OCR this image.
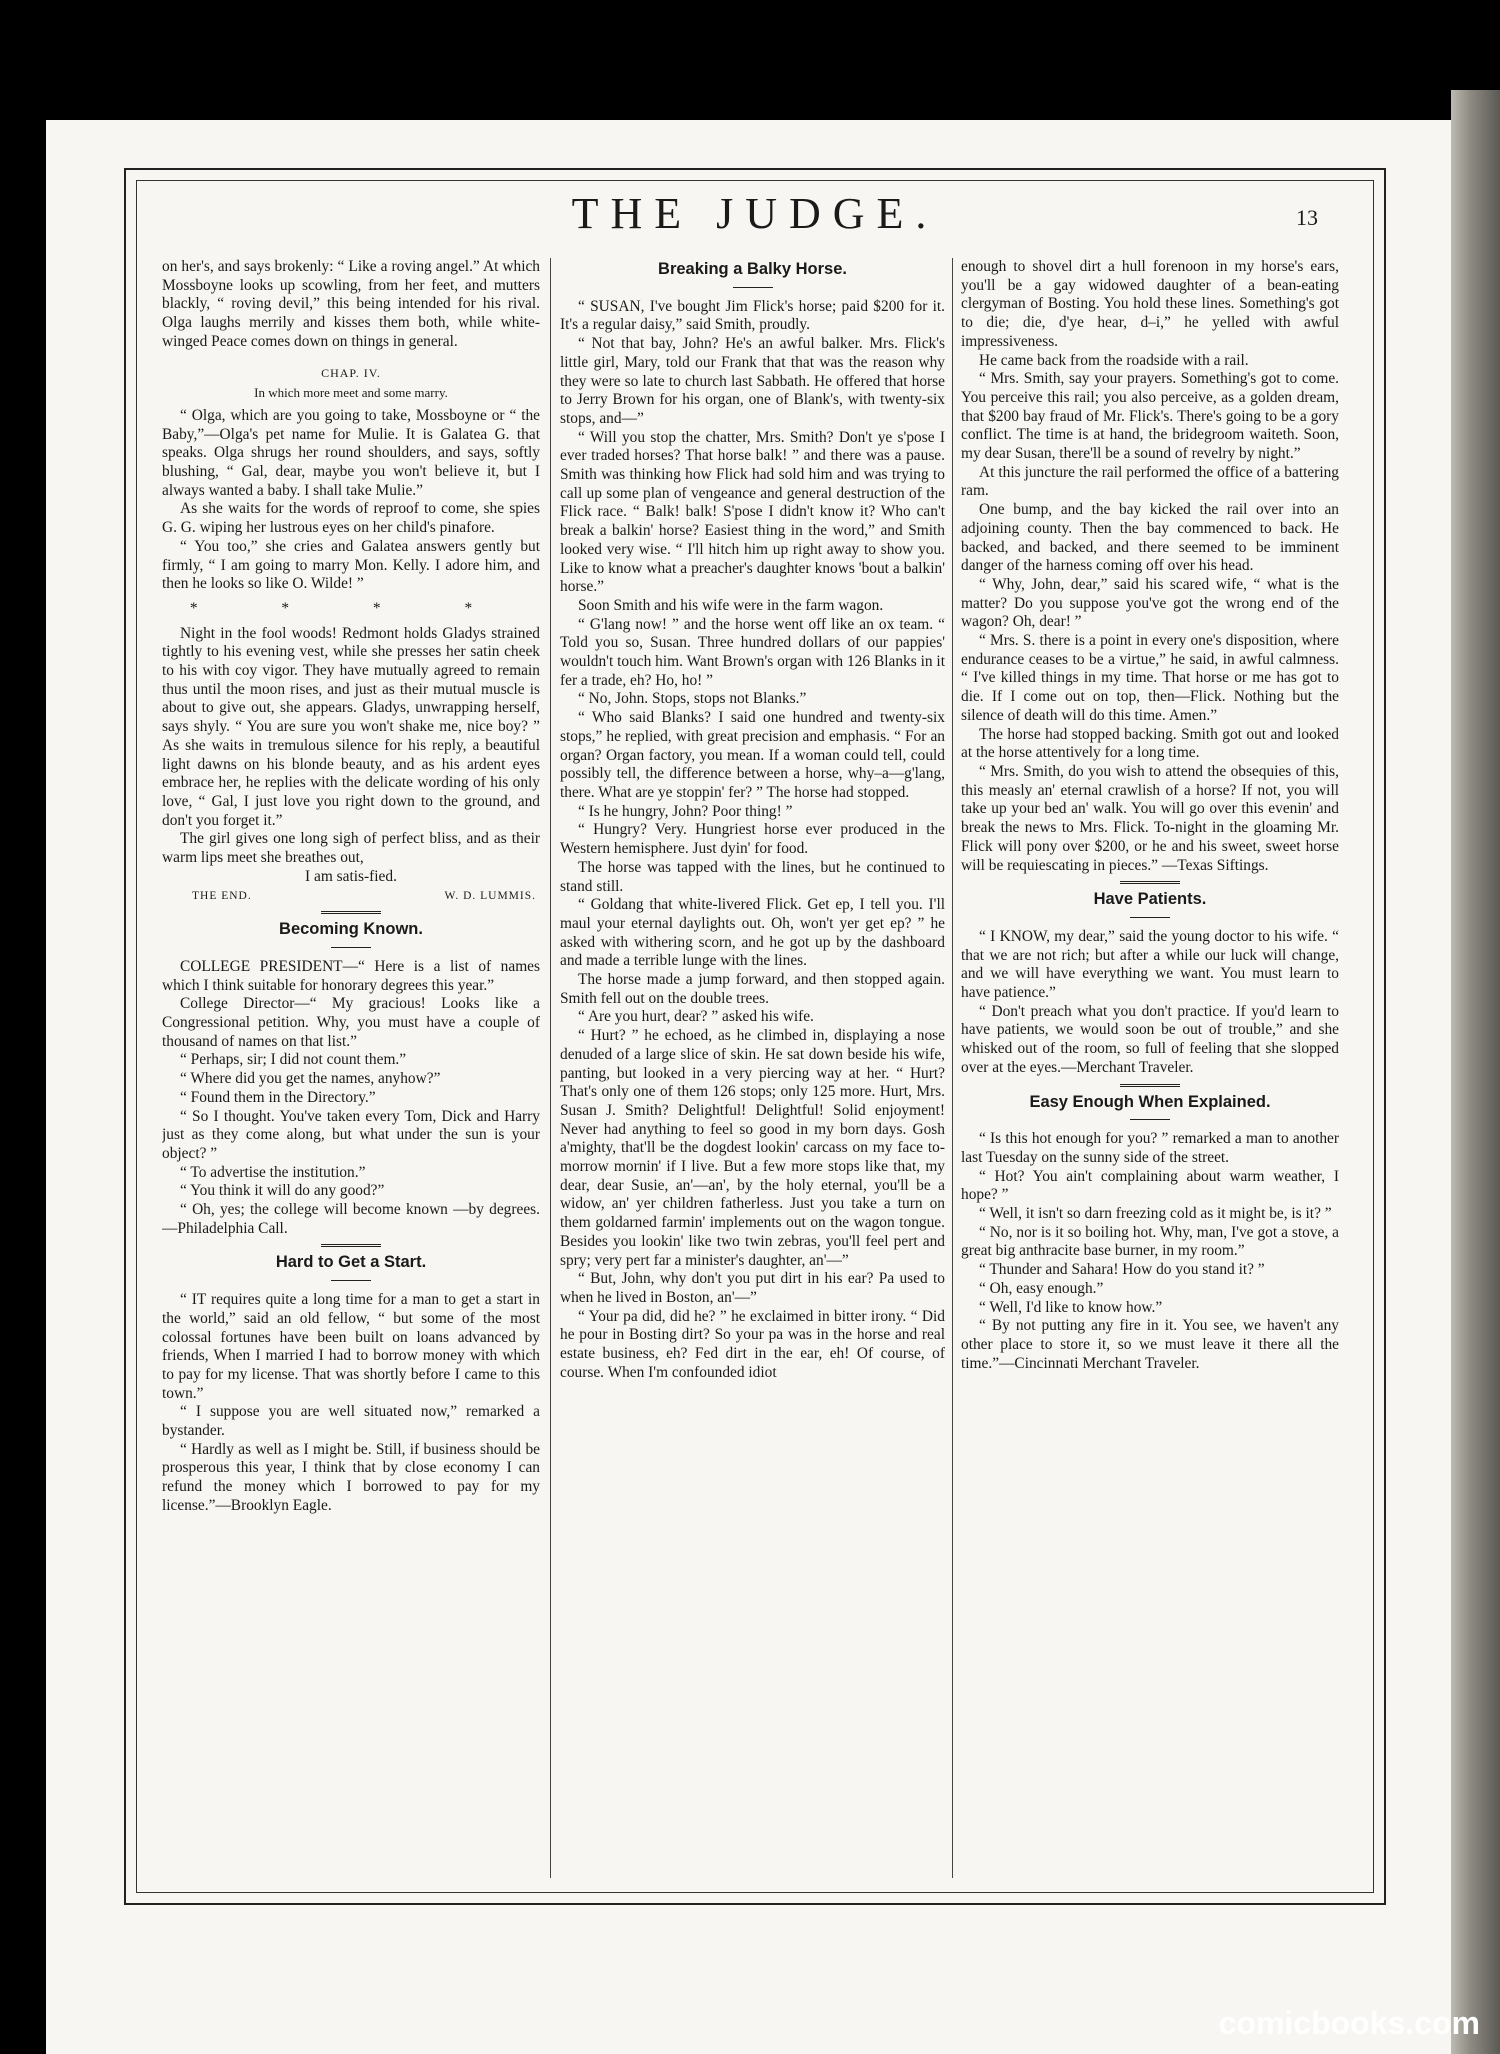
THE JUDGE.	13

on her's, and says brokenly: “ Like a roving angel.” At which Mossboyne looks up scowling, from her feet, and mutters blackly, “ roving devil,” this being intended for his rival. Olga laughs merrily and kisses them both, while white-winged Peace comes down on things in general.

CHAP. IV.
In which more meet and some marry.

“ Olga, which are you going to take, Mossboyne or “ the Baby,”—Olga's pet name for Mulie. It is Galatea G. that speaks. Olga shrugs her round shoulders, and says, softly blushing, “ Gal, dear, maybe you won't believe it, but I always wanted a baby. I shall take Mulie.”

As she waits for the words of reproof to come, she spies G. G. wiping her lustrous eyes on her child's pinafore.

“ You too,” she cries and Galatea answers gently but firmly, “ I am going to marry Mon. Kelly. I adore him, and then he looks so like O. Wilde! ”

* * * *

Night in the fool woods! Redmont holds Gladys strained tightly to his evening vest, while she presses her satin cheek to his with coy vigor. They have mutually agreed to remain thus until the moon rises, and just as their mutual muscle is about to give out, she appears. Gladys, unwrapping herself, says shyly. “ You are sure you won't shake me, nice boy? ” As she waits in tremulous silence for his reply, a beautiful light dawns on his blonde beauty, and as his ardent eyes embrace her, he replies with the delicate wording of his only love, “ Gal, I just love you right down to the ground, and don't you forget it.”

The girl gives one long sigh of perfect bliss, and as their warm lips meet she breathes out,

I am satis-fied.

THE END.	W. D. LUMMIS.
Becoming Known.

COLLEGE PRESIDENT—“ Here is a list of names which I think suitable for honorary degrees this year.”

College Director—“ My gracious! Looks like a Congressional petition. Why, you must have a couple of thousand of names on that list.”

“ Perhaps, sir; I did not count them.”

“ Where did you get the names, anyhow?”

“ Found them in the Directory.”

“ So I thought. You've taken every Tom, Dick and Harry just as they come along, but what under the sun is your object? ”

“ To advertise the institution.”

“ You think it will do any good?”

“ Oh, yes; the college will become known —by degrees.—Philadelphia Call.

Hard to Get a Start.

“ IT requires quite a long time for a man to get a start in the world,” said an old fellow, “ but some of the most colossal fortunes have been built on loans advanced by friends, When I married I had to borrow money with which to pay for my license. That was shortly before I came to this town.”

“ I suppose you are well situated now,” remarked a bystander.

“ Hardly as well as I might be. Still, if business should be prosperous this year, I think that by close economy I can refund the money which I borrowed to pay for my license.”—Brooklyn Eagle.

Breaking a Balky Horse.

“ SUSAN, I've bought Jim Flick's horse; paid $200 for it. It's a regular daisy,” said Smith, proudly.

“ Not that bay, John? He's an awful balker. Mrs. Flick's little girl, Mary, told our Frank that that was the reason why they were so late to church last Sabbath. He offered that horse to Jerry Brown for his organ, one of Blank's, with twenty-six stops, and—”

“ Will you stop the chatter, Mrs. Smith? Don't ye s'pose I ever traded horses? That horse balk! ” and there was a pause. Smith was thinking how Flick had sold him and was trying to call up some plan of vengeance and general destruction of the Flick race. “ Balk! balk! S'pose I didn't know it? Who can't break a balkin' horse? Easiest thing in the word,” and Smith looked very wise. “ I'll hitch him up right away to show you. Like to know what a preacher's daughter knows 'bout a balkin' horse.”

Soon Smith and his wife were in the farm wagon.

“ G'lang now! ” and the horse went off like an ox team. “ Told you so, Susan. Three hundred dollars of our pappies' wouldn't touch him. Want Brown's organ with 126 Blanks in it fer a trade, eh? Ho, ho! ”

“ No, John. Stops, stops not Blanks.”

“ Who said Blanks? I said one hundred and twenty-six stops,” he replied, with great precision and emphasis. “ For an organ? Organ factory, you mean. If a woman could tell, could possibly tell, the difference between a horse, why–a—g'lang, there. What are ye stoppin' fer? ” The horse had stopped.

“ Is he hungry, John? Poor thing! ”

“ Hungry? Very. Hungriest horse ever produced in the Western hemisphere. Just dyin' for food.

The horse was tapped with the lines, but he continued to stand still.

“ Goldang that white-livered Flick. Get ep, I tell you. I'll maul your eternal daylights out. Oh, won't yer get ep? ” he asked with withering scorn, and he got up by the dashboard and made a terrible lunge with the lines.

The horse made a jump forward, and then stopped again. Smith fell out on the double trees.

“ Are you hurt, dear? ” asked his wife.

“ Hurt? ” he echoed, as he climbed in, displaying a nose denuded of a large slice of skin. He sat down beside his wife, panting, but looked in a very piercing way at her. “ Hurt? That's only one of them 126 stops; only 125 more. Hurt, Mrs. Susan J. Smith? Delightful! Delightful! Solid enjoyment! Never had anything to feel so good in my born days. Gosh a'mighty, that'll be the dogdest lookin' carcass on my face to-morrow mornin' if I live. But a few more stops like that, my dear, dear Susie, an'—an', by the holy eternal, you'll be a widow, an' yer children fatherless. Just you take a turn on them goldarned farmin' implements out on the wagon tongue. Besides you lookin' like two twin zebras, you'll feel pert and spry; very pert far a minister's daughter, an'—”

“ But, John, why don't you put dirt in his ear? Pa used to when he lived in Boston, an'—”

“ Your pa did, did he? ” he exclaimed in bitter irony. “ Did he pour in Bosting dirt? So your pa was in the horse and real estate business, eh? Fed dirt in the ear, eh! Of course, of course. When I'm confounded idiot

enough to shovel dirt a hull forenoon in my horse's ears, you'll be a gay widowed daughter of a bean-eating clergyman of Bosting. You hold these lines. Something's got to die; die, d'ye hear, d–i,” he yelled with awful impressiveness.

He came back from the roadside with a rail.

“ Mrs. Smith, say your prayers. Something's got to come. You perceive this rail; you also perceive, as a golden dream, that $200 bay fraud of Mr. Flick's. There's going to be a gory conflict. The time is at hand, the bridegroom waiteth. Soon, my dear Susan, there'll be a sound of revelry by night.”

At this juncture the rail performed the office of a battering ram.

One bump, and the bay kicked the rail over into an adjoining county. Then the bay commenced to back. He backed, and backed, and there seemed to be imminent danger of the harness coming off over his head.

“ Why, John, dear,” said his scared wife, “ what is the matter? Do you suppose you've got the wrong end of the wagon? Oh, dear! ”

“ Mrs. S. there is a point in every one's disposition, where endurance ceases to be a virtue,” he said, in awful calmness. “ I've killed things in my time. That horse or me has got to die. If I come out on top, then—Flick. Nothing but the silence of death will do this time. Amen.”

The horse had stopped backing. Smith got out and looked at the horse attentively for a long time.

“ Mrs. Smith, do you wish to attend the obsequies of this, this measly an' eternal crawlish of a horse? If not, you will take up your bed an' walk. You will go over this evenin' and break the news to Mrs. Flick. To-night in the gloaming Mr. Flick will pony over $200, or he and his sweet, sweet horse will be requiescating in pieces.” —Texas Siftings.

Have Patients.

“ I KNOW, my dear,” said the young doctor to his wife. “ that we are not rich; but after a while our luck will change, and we will have everything we want. You must learn to have patience.”

“ Don't preach what you don't practice. If you'd learn to have patients, we would soon be out of trouble,” and she whisked out of the room, so full of feeling that she slopped over at the eyes.—Merchant Traveler.

Easy Enough When Explained.

“ Is this hot enough for you? ” remarked a man to another last Tuesday on the sunny side of the street.

“ Hot? You ain't complaining about warm weather, I hope? ”

“ Well, it isn't so darn freezing cold as it might be, is it? ”

“ No, nor is it so boiling hot. Why, man, I've got a stove, a great big anthracite base burner, in my room.”

“ Thunder and Sahara! How do you stand it? ”

“ Oh, easy enough.”

“ Well, I'd like to know how.”

“ By not putting any fire in it. You see, we haven't any other place to store it, so we must leave it there all the time.”—Cincinnati Merchant Traveler.

comicbooks.com
